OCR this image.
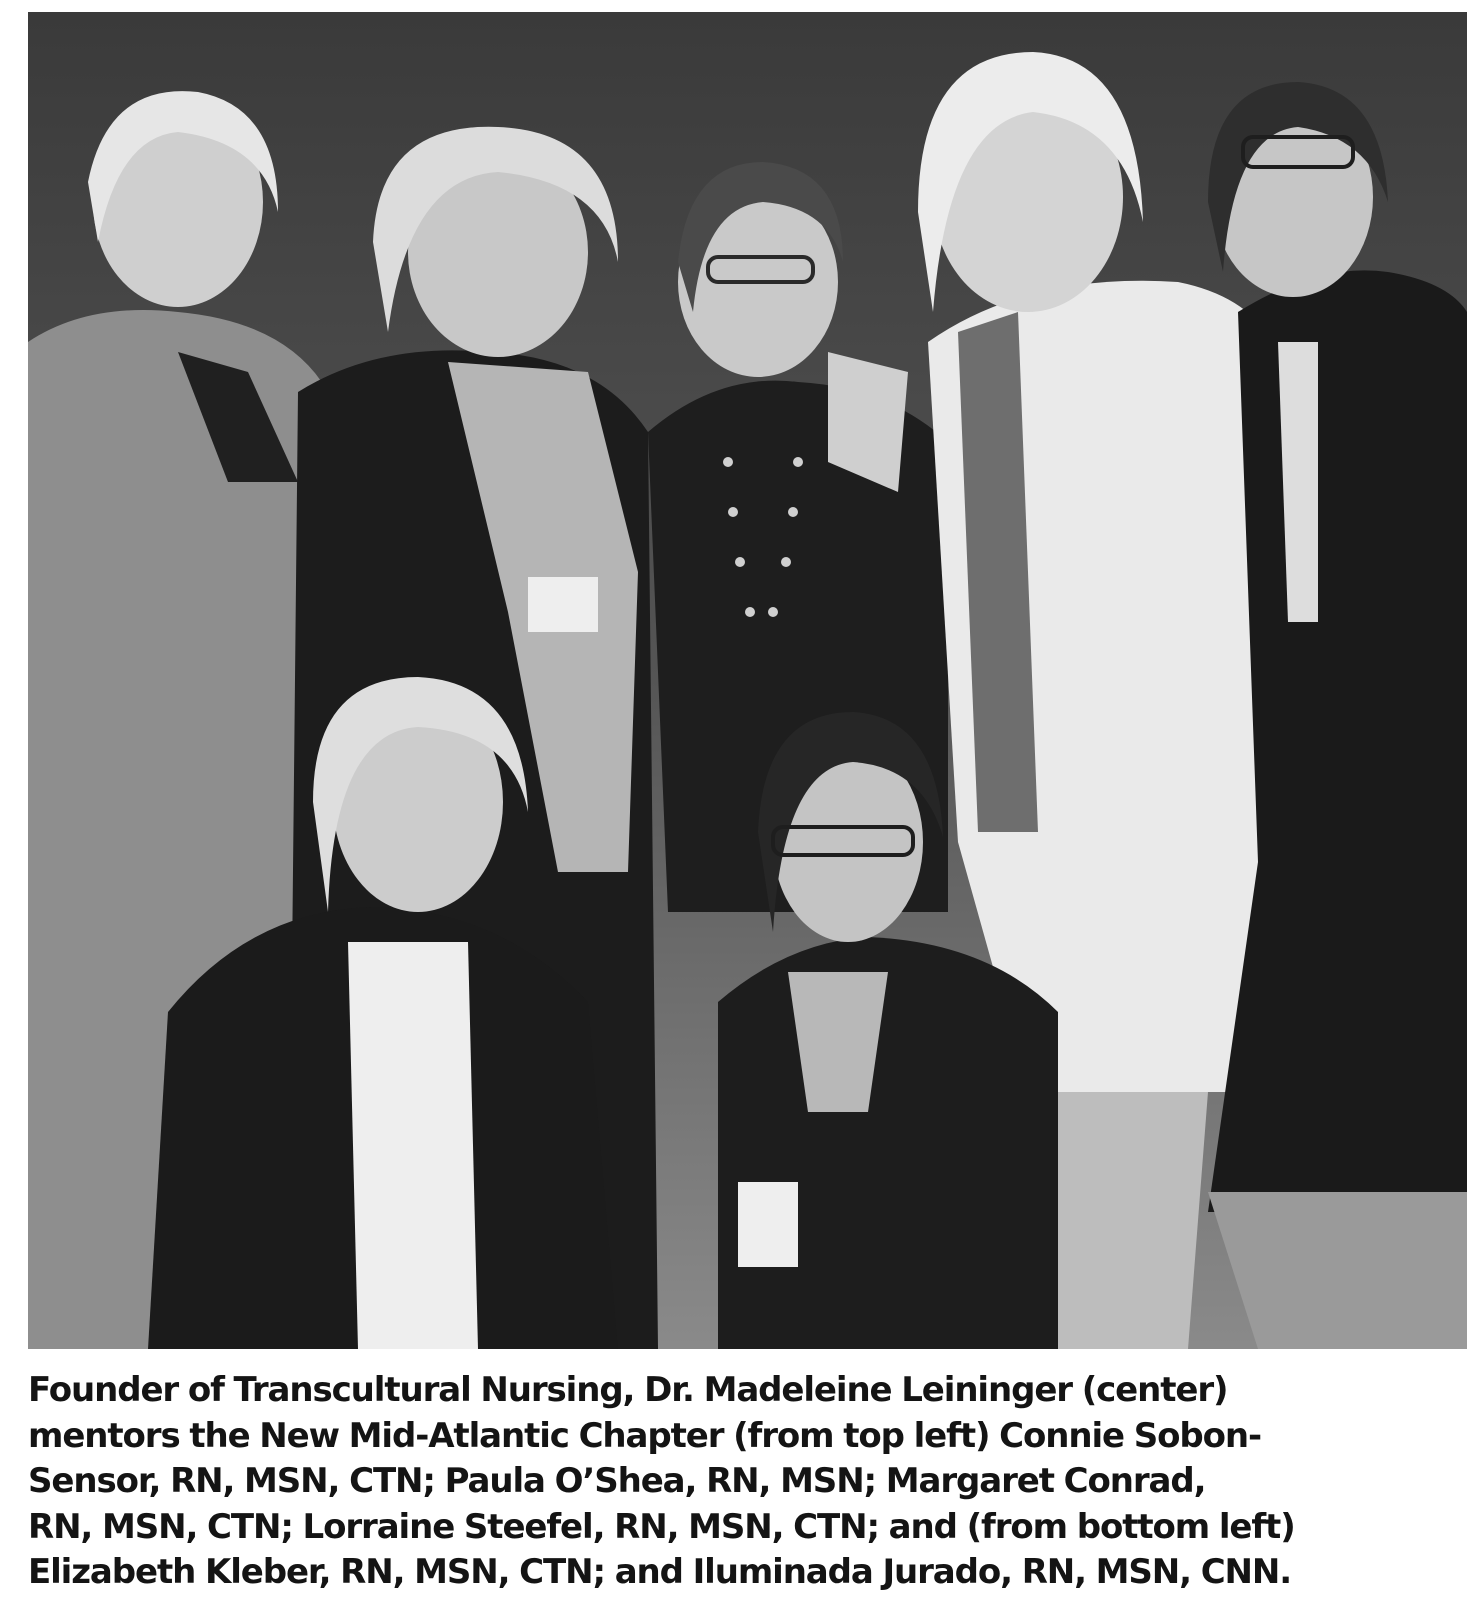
Founder of Transcultural Nursing, Dr. Madeleine Leininger (center)
mentors the New Mid-Atlantic Chapter (from top left) Connie Sobon-
Sensor, RN, MSN, CTN; Paula O’Shea, RN, MSN; Margaret Conrad,
RN, MSN, CTN; Lorraine Steefel, RN, MSN, CTN; and (from bottom left)
Elizabeth Kleber, RN, MSN, CTN; and Iluminada Jurado, RN, MSN, CNN.
